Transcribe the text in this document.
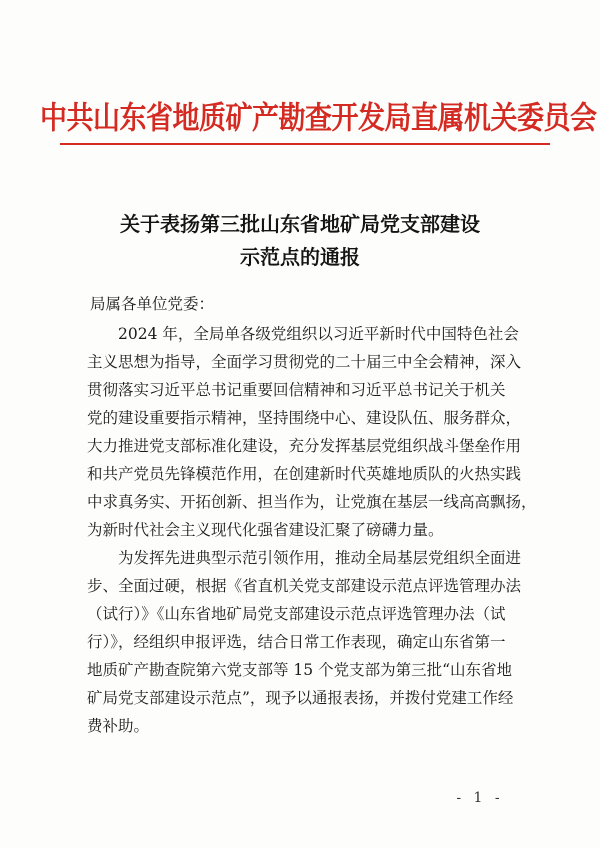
中共山东省地质矿产勘查开发局直属机关委员会
关于表扬第三批山东省地矿局党支部建设
示范点的通报
局属各单位党委：
　　2024 年，全局单各级党组织以习近平新时代中国特色社会
主义思想为指导，全面学习贯彻党的二十届三中全会精神，深入
贯彻落实习近平总书记重要回信精神和习近平总书记关于机关
党的建设重要指示精神，坚持围绕中心、建设队伍、服务群众，
大力推进党支部标准化建设，充分发挥基层党组织战斗堡垒作用
和共产党员先锋模范作用，在创建新时代英雄地质队的火热实践
中求真务实、开拓创新、担当作为，让党旗在基层一线高高飘扬，
为新时代社会主义现代化强省建设汇聚了磅礴力量。
　　为发挥先进典型示范引领作用，推动全局基层党组织全面进
步、全面过硬，根据《省直机关党支部建设示范点评选管理办法
（试行）》《山东省地矿局党支部建设示范点评选管理办法（试
行）》，经组织申报评选，结合日常工作表现，确定山东省第一
地质矿产勘查院第六党支部等 15 个党支部为第三批“山东省地
矿局党支部建设示范点”，现予以通报表扬，并拨付党建工作经
费补助。
- 1 -
